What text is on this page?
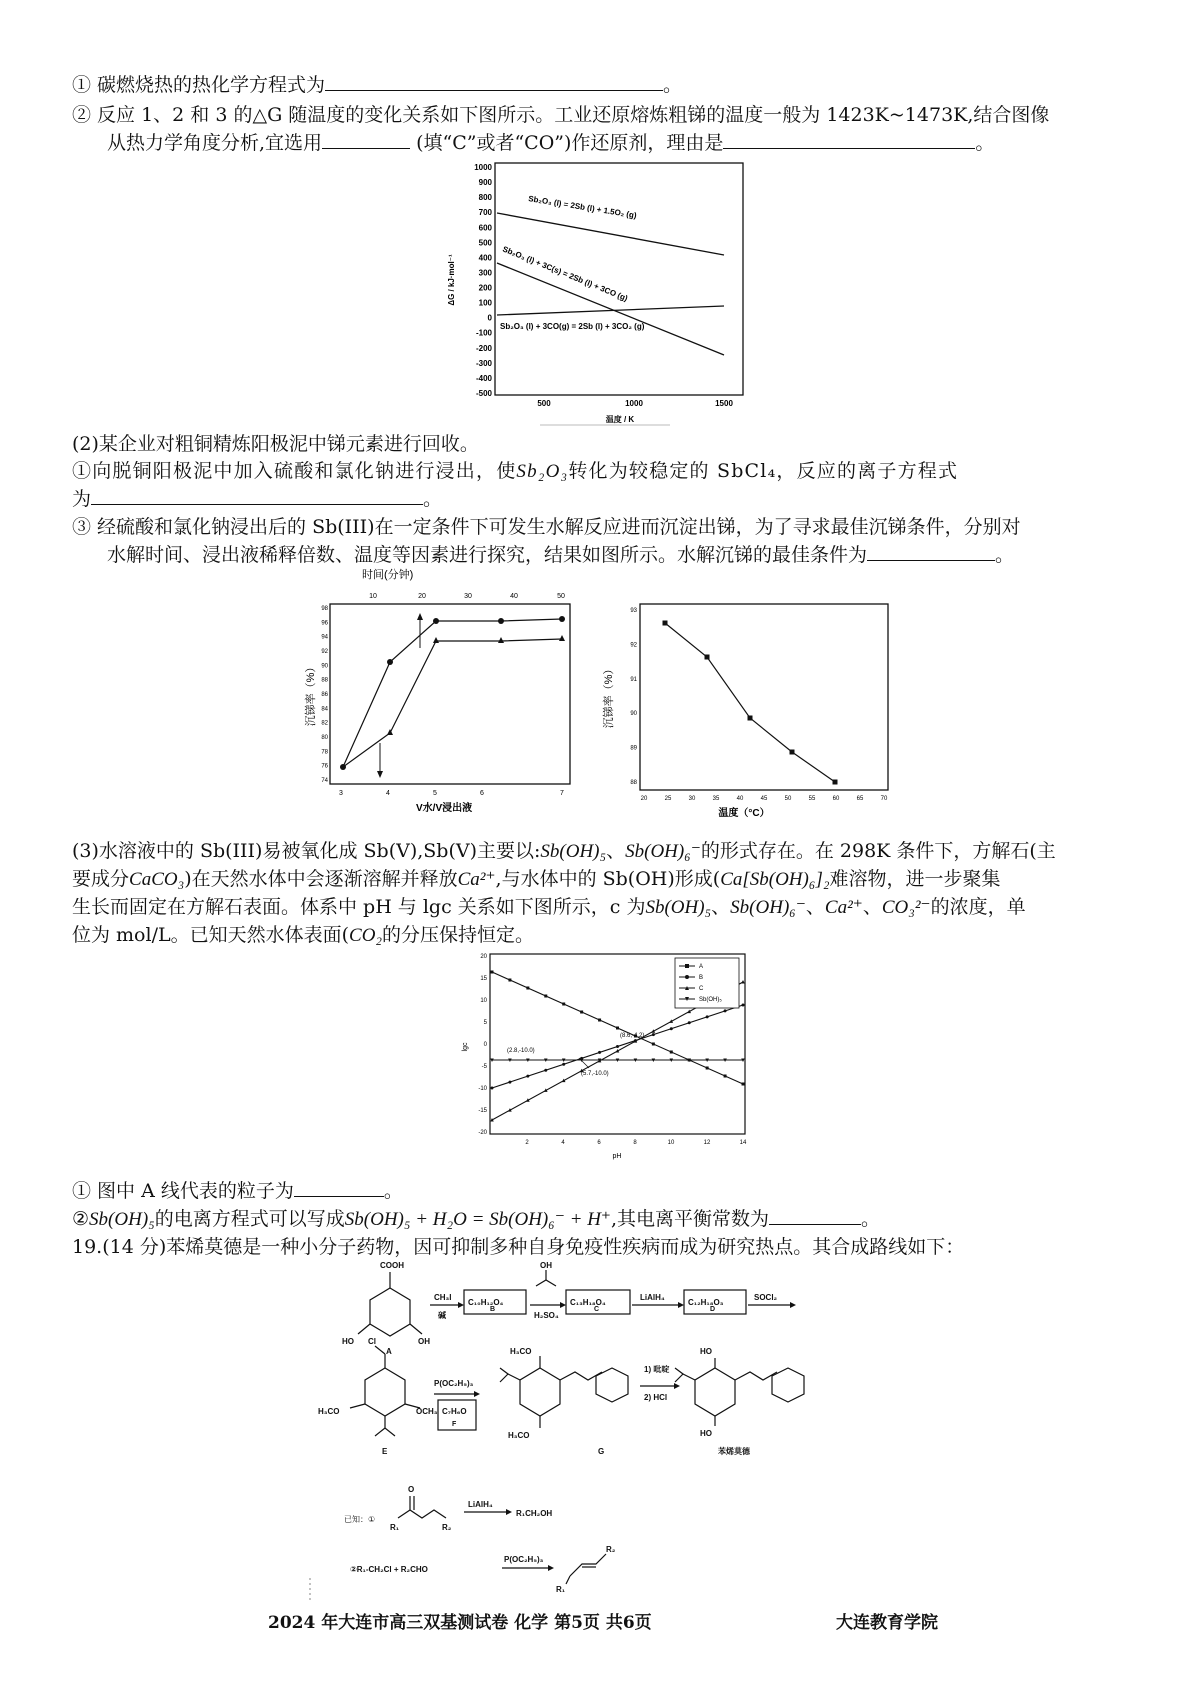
① 碳燃烧热的热化学方程式为	。
② 反应 1、2 和 3 的△G 随温度的变化关系如下图所示。工业还原熔炼粗锑的温度一般为 1423K~1473K,结合图像
从热力学角度分析,宜选用	(填“C”或者“CO”)作还原剂，理由是	。
1000
900
800
700
600
500
400
300
200
100
0
-100
-200
-300
-400
-500
500	1000	1500
温度 / K
ΔG / kJ·mol⁻¹
Sb₂O₃ (l) = 2Sb (l) + 1.5O₂ (g)
Sb₂O₃ (l) + 3C(s) = 2Sb (l) + 3CO (g)
Sb₂O₃ (l) + 3CO(g) = 2Sb (l) + 3CO₂ (g)
(2)某企业对粗铜精炼阳极泥中锑元素进行回收。
①向脱铜阳极泥中加入硫酸和氯化钠进行浸出，使Sb₂O₃转化为较稳定的 SbCl₄，反应的离子方程式
为	。
③ 经硫酸和氯化钠浸出后的 Sb(III)在一定条件下可发生水解反应进而沉淀出锑，为了寻求最佳沉锑条件，分别对
水解时间、浸出液稀释倍数、温度等因素进行探究，结果如图所示。水解沉锑的最佳条件为	。
时间(分钟)
10	20	30	40	50
98
96
94
92
90
88
86
84
82
80
78
76
74
3	4	5	6	7
V水/V浸出液
沉锑率（%）
93
92
91
90
89
88
20	25	30	35	40	45	50	55	60	65	70
沉锑率（%）
温度（°C）
(3)水溶液中的 Sb(III)易被氧化成 Sb(V),Sb(V)主要以:Sb(OH)₅、Sb(OH)₆⁻的形式存在。在 298K 条件下，方解石(主
要成分CaCO₃)在天然水体中会逐渐溶解并释放Ca²⁺,与水体中的 Sb(OH)形成(Ca[Sb(OH)₆]₂难溶物，进一步聚集
生长而固定在方解石表面。体系中 pH 与 lgc 关系如下图所示，c 为Sb(OH)₅、Sb(OH)₆⁻、Ca²⁺、CO₃²⁻的浓度，单
位为 mol/L。已知天然水体表面(CO₂的分压保持恒定。
20
15
10
5
0
-5
-10
-15
-20
2	4	6	8	10	12	14
lgc
pH
A
B
C
Sb(OH)₅
(8.6,-4.2)
(2.8,-10.0)
(5.7,-10.0)
① 图中 A 线代表的粒子为	。
②Sb(OH)₅的电离方程式可以写成Sb(OH)₅ + H₂O = Sb(OH)₆⁻ + H⁺,其电离平衡常数为	。
19.(14 分)苯烯莫德是一种小分子药物，因可抑制多种自身免疫性疾病而成为研究热点。其合成路线如下：
COOH
OH
HO
A
CH₃I
碱
C₁₀H₁₂O₄
B
OH
H₂SO₄
C₁₃H₁₈O₄
C
LiAlH₄
C₁₂H₁₈O₃
D
SOCl₂
Cl
H₃CO	OCH₃
E
P(OC₂H₅)₃
C₇H₆O
F
H₃CO
H₃CO
G
1) 吡啶
2) HCl
HO
HO
苯烯莫德
已知：①
O
R₁	R₂
LiAlH₄
R₁CH₂OH
②R₁-CH₂Cl + R₂CHO
P(OC₂H₅)₃
R₂
R₁
2024 年大连市高三双基测试卷 化学 第5页 共6页	大连教育学院
